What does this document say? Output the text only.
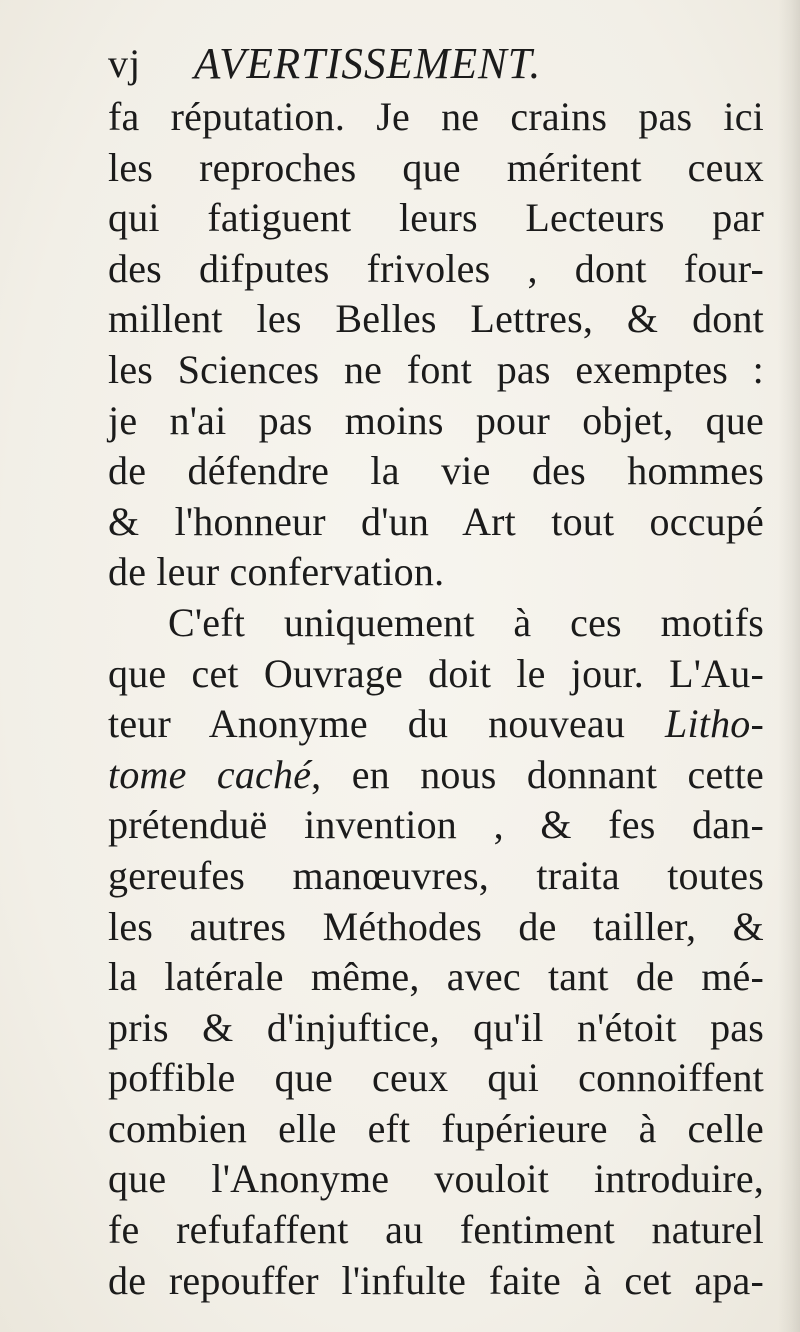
vj AVERTISSEMENT.
fa réputation. Je ne crains pas ici
les reproches que méritent ceux
qui fatiguent leurs Lecteurs par
des difputes frivoles , dont four-
millent les Belles Lettres, & dont
les Sciences ne font pas exemptes :
je n'ai pas moins pour objet, que
de défendre la vie des hommes
& l'honneur d'un Art tout occupé
de leur confervation.
C'eft uniquement à ces motifs
que cet Ouvrage doit le jour. L'Au-
teur Anonyme du nouveau Litho-
tome caché, en nous donnant cette
prétenduë invention , & fes dan-
gereufes manœuvres, traita toutes
les autres Méthodes de tailler, &
la latérale même, avec tant de mé-
pris & d'injuftice, qu'il n'étoit pas
poffible que ceux qui connoiffent
combien elle eft fupérieure à celle
que l'Anonyme vouloit introduire,
fe refufaffent au fentiment naturel
de repouffer l'infulte faite à cet apa-
